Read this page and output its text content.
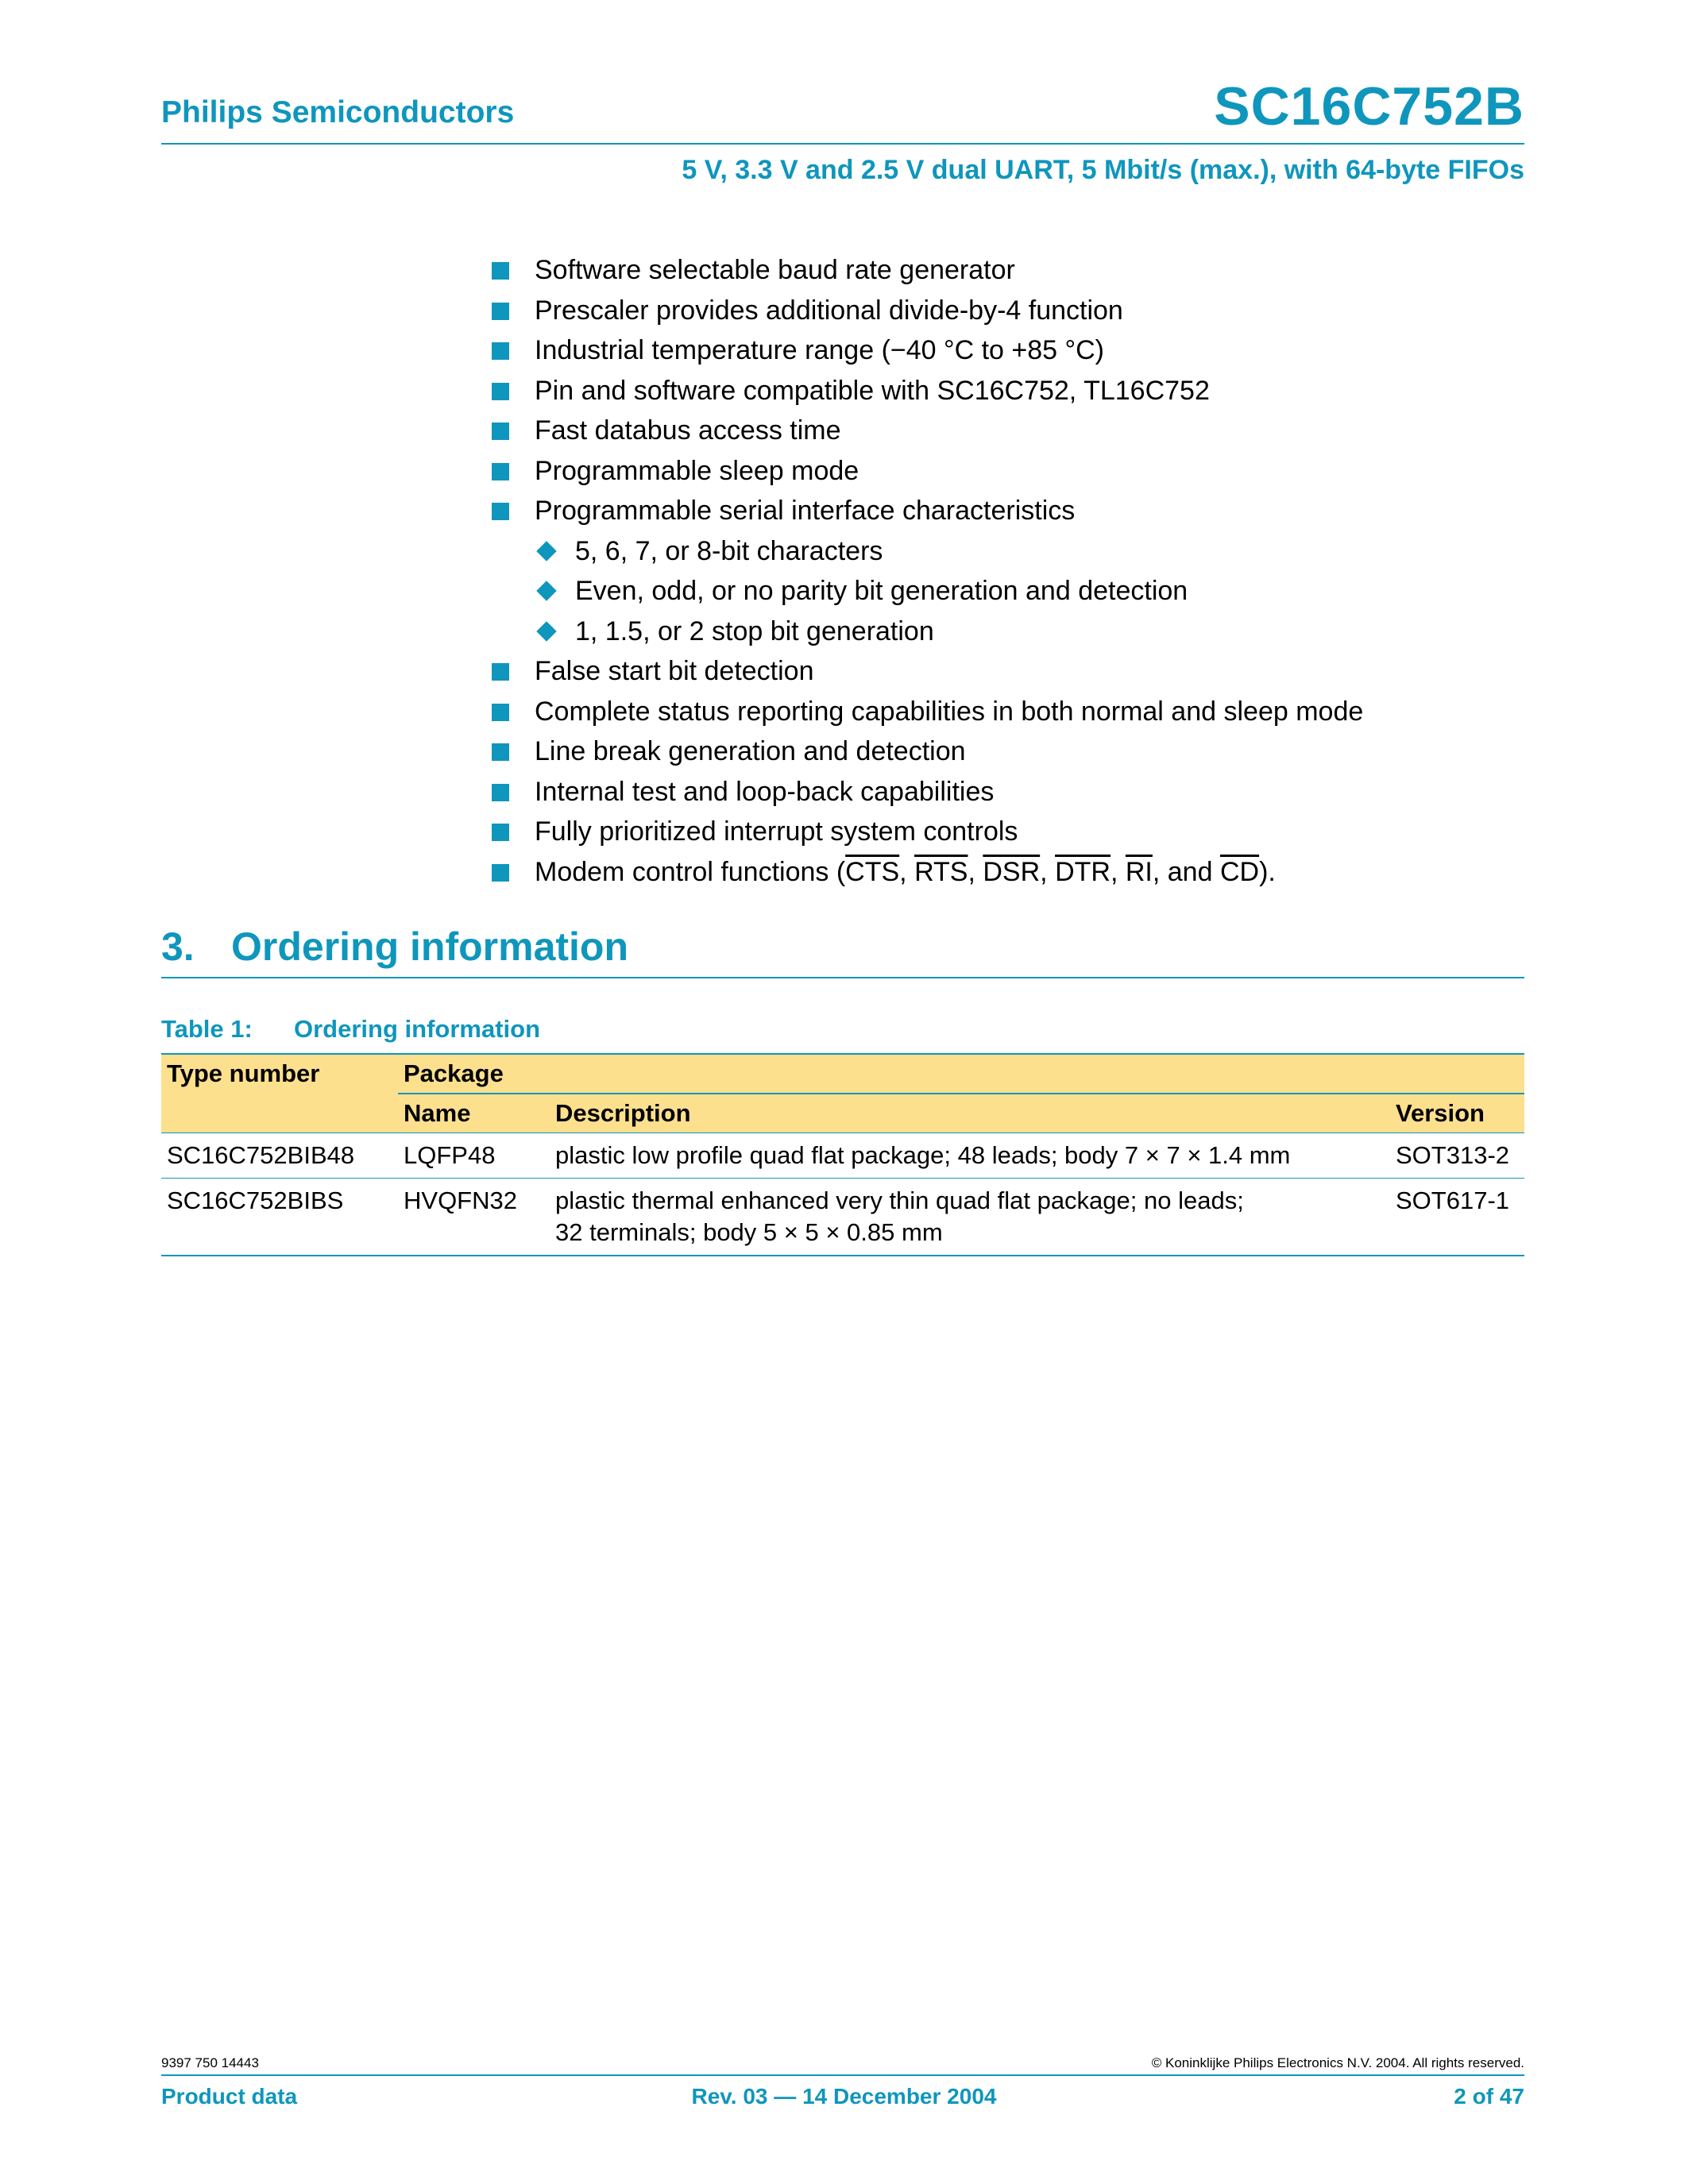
Philips Semiconductors	SC16C752B
5 V, 3.3 V and 2.5 V dual UART, 5 Mbit/s (max.), with 64-byte FIFOs
Software selectable baud rate generator
Prescaler provides additional divide-by-4 function
Industrial temperature range (−40 °C to +85 °C)
Pin and software compatible with SC16C752, TL16C752
Fast databus access time
Programmable sleep mode
Programmable serial interface characteristics
5, 6, 7, or 8-bit characters
Even, odd, or no parity bit generation and detection
1, 1.5, or 2 stop bit generation
False start bit detection
Complete status reporting capabilities in both normal and sleep mode
Line break generation and detection
Internal test and loop-back capabilities
Fully prioritized interrupt system controls
Modem control functions ($\overline{CTS}$, $\overline{RTS}$, $\overline{DSR}$, $\overline{DTR}$, $\overline{RI}$, and $\overline{CD}$).
3. Ordering information
Table 1: Ordering information
Type number	Package		
	Name	Description	Version
SC16C752BIB48	LQFP48	plastic low profile quad flat package; 48 leads; body 7 × 7 × 1.4 mm	SOT313-2
SC16C752BIBS	HVQFN32	plastic thermal enhanced very thin quad flat package; no leads;
32 terminals; body 5 × 5 × 0.85 mm	SOT617-1
9397 750 14443	© Koninklijke Philips Electronics N.V. 2004. All rights reserved.
Product data	Rev. 03 — 14 December 2004	2 of 47
